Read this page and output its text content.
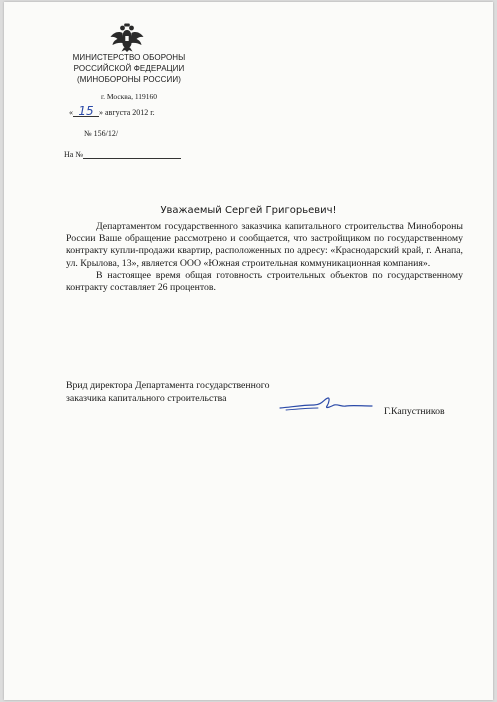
МИНИСТЕРСТВО ОБОРОНЫ
РОССИЙСКОЙ ФЕДЕРАЦИИ
(МИНОБОРОНЫ РОССИИ)
г. Москва, 119160
« 15 » августа 2012 г.
№ 156/12/
На №
Уважаемый Сергей Григорьевич!

Департаментом государственного заказчика капитального строительства Минобороны России Ваше обращение рассмотрено и сообщается, что застройщиком по государственному контракту купли-продажи квартир, расположенных по адресу: «Краснодарский край, г. Анапа, ул. Крылова, 13», является ООО «Южная строительная коммуникационная компания».

В настоящее время общая готовность строительных объектов по государственному контракту составляет 26 процентов.

Врид директора Департамента государственного
заказчика капитального строительства
Г.Капустников
